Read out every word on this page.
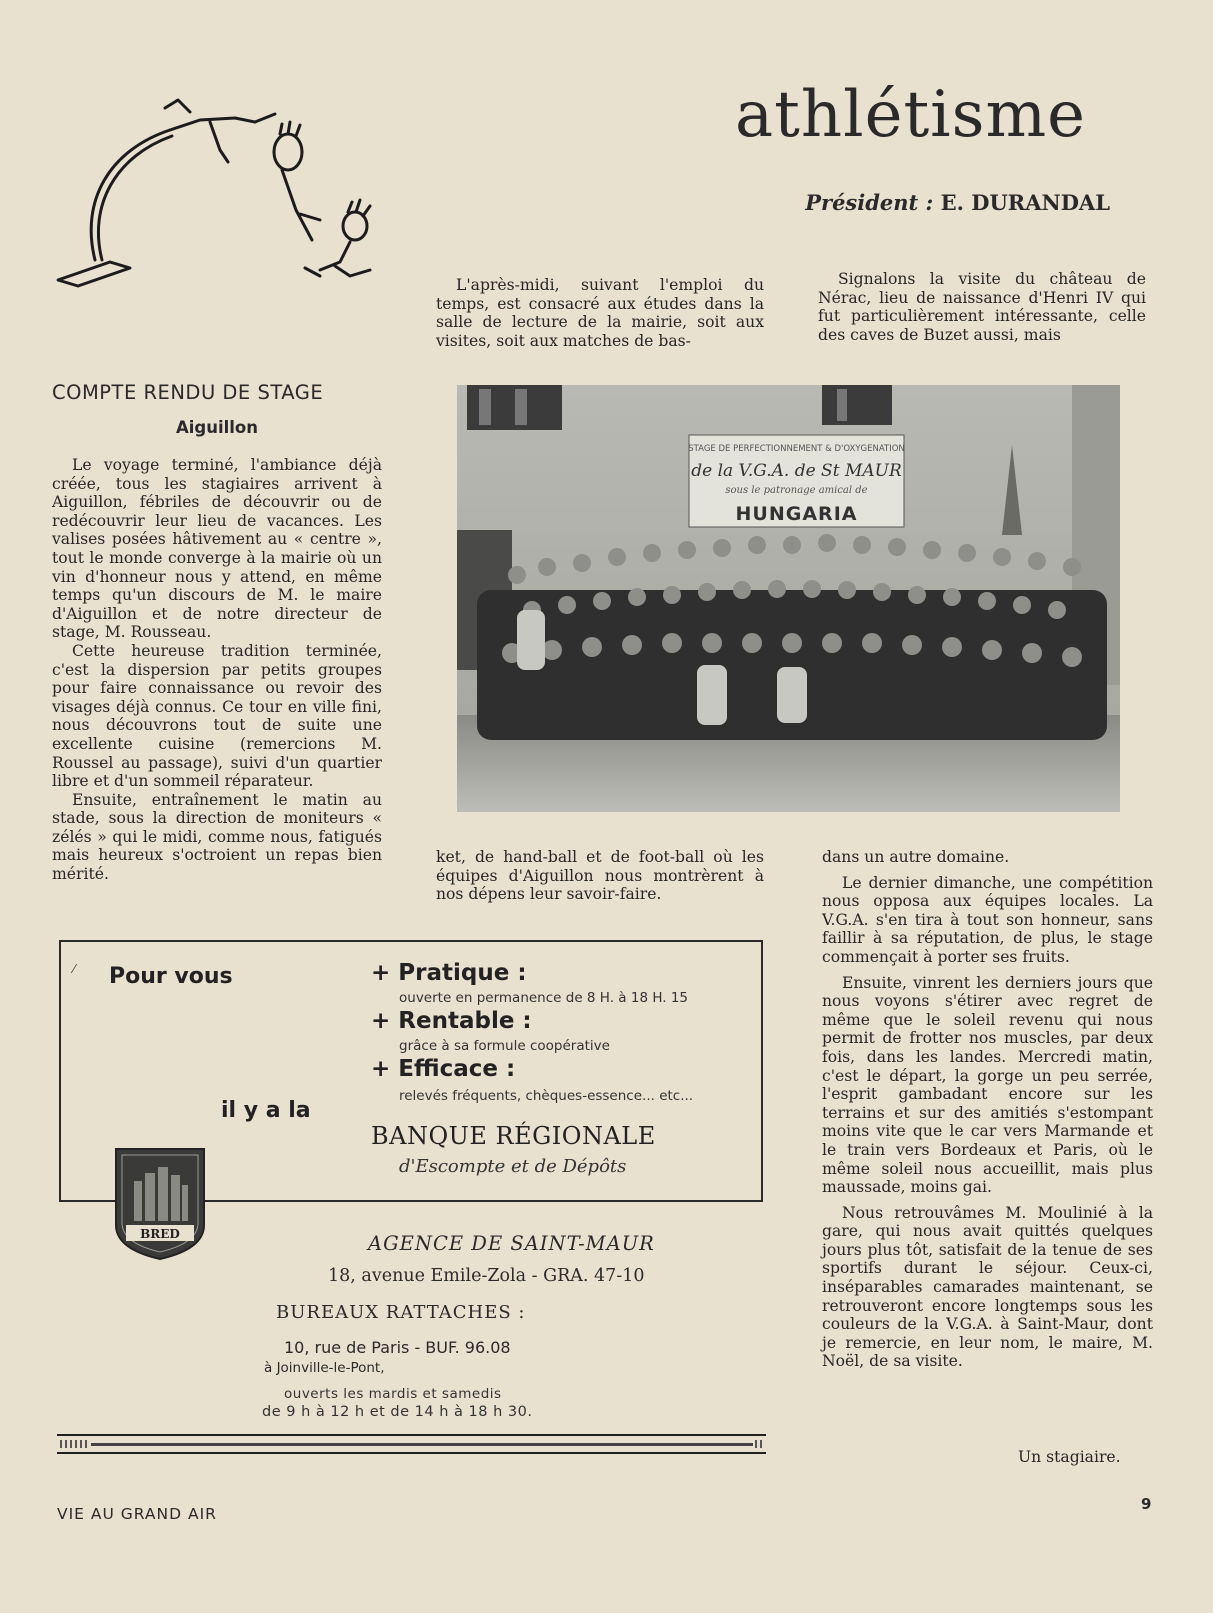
athlétisme
Président : E. DURANDAL

L'après-midi, suivant l'emploi du temps, est consacré aux études dans la salle de lecture de la mairie, soit aux visites, soit aux matches de bas-

Signalons la visite du château de Nérac, lieu de naissance d'Henri IV qui fut particulièrement intéressante, celle des caves de Buzet aussi, mais

COMPTE RENDU DE STAGE
Aiguillon

Le voyage terminé, l'ambiance déjà créée, tous les stagiaires arrivent à Aiguillon, fébriles de découvrir ou de redécouvrir leur lieu de vacances. Les valises posées hâtivement au « centre », tout le monde converge à la mairie où un vin d'honneur nous y attend, en même temps qu'un discours de M. le maire d'Aiguillon et de notre directeur de stage, M. Rousseau.

Cette heureuse tradition terminée, c'est la dispersion par petits groupes pour faire connaissance ou revoir des visages déjà connus. Ce tour en ville fini, nous découvrons tout de suite une excellente cuisine (remercions M. Roussel au passage), suivi d'un quartier libre et d'un sommeil réparateur.

Ensuite, entraînement le matin au stade, sous la direction de moniteurs « zélés » qui le midi, comme nous, fatigués mais heureux s'octroient un repas bien mérité.

STAGE DE PERFECTIONNEMENT & D'OXYGENATION
de la V.G.A. de St MAUR
sous le patronage amical de
HUNGARIA

ket, de hand-ball et de foot-ball où les équipes d'Aiguillon nous montrèrent à nos dépens leur savoir-faire.

dans un autre domaine.

Le dernier dimanche, une compétition nous opposa aux équipes locales. La V.G.A. s'en tira à tout son honneur, sans faillir à sa réputation, de plus, le stage commençait à porter ses fruits.

Ensuite, vinrent les derniers jours que nous voyons s'étirer avec regret de même que le soleil revenu qui nous permit de frotter nos muscles, par deux fois, dans les landes. Mercredi matin, c'est le départ, la gorge un peu serrée, l'esprit gambadant encore sur les terrains et sur des amitiés s'estompant moins vite que le car vers Marmande et le train vers Bordeaux et Paris, où le même soleil nous accueillit, mais plus maussade, moins gai.

Nous retrouvâmes M. Moulinié à la gare, qui nous avait quittés quelques jours plus tôt, satisfait de la tenue de ses sportifs durant le séjour. Ceux-ci, inséparables camarades maintenant, se retrouveront encore longtemps sous les couleurs de la V.G.A. à Saint-Maur, dont je remercie, en leur nom, le maire, M. Noël, de sa visite.

Un stagiaire.
Pour vous
il y a la
+ Pratique :
ouverte en permanence de 8 H. à 18 H. 15
+ Rentable :
grâce à sa formule coopérative
+ Efficace :
relevés fréquents, chèques-essence... etc...
BANQUE RÉGIONALE
d'Escompte et de Dépôts
⁄
BRED	AGENCE DE SAINT-MAUR
18, avenue Emile-Zola - GRA. 47-10
BUREAUX RATTACHES :
10, rue de Paris - BUF. 96.08
à Joinville-le-Pont,
ouverts les mardis et samedis
de 9 h à 12 h et de 14 h à 18 h 30.
VIE AU GRAND AIR
9
